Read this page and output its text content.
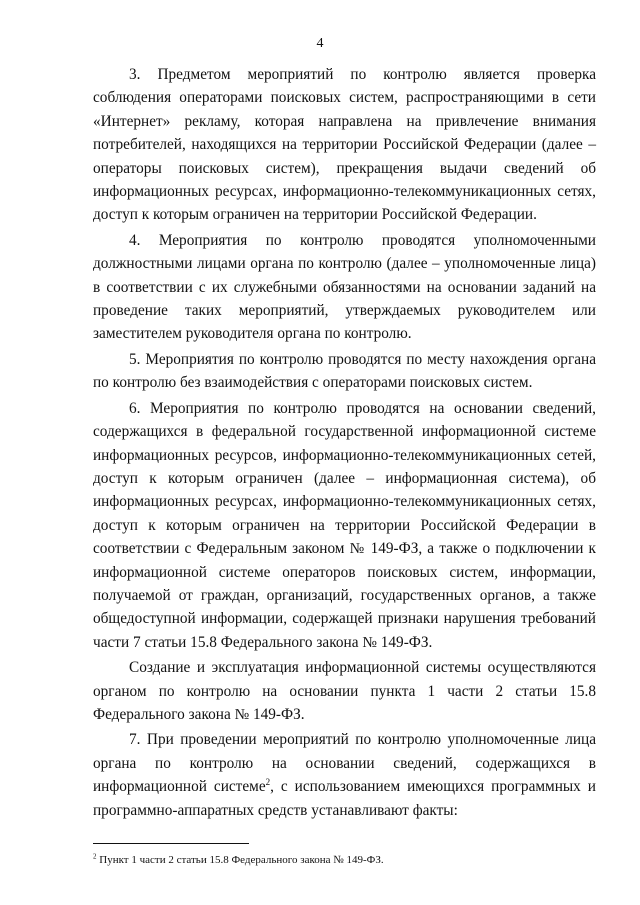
4

3. Предметом мероприятий по контролю является проверка соблюдения операторами поисковых систем, распространяющими в сети «Интернет» рекламу, которая направлена на привлечение внимания потребителей, находящихся на территории Российской Федерации (далее – операторы поисковых систем), прекращения выдачи сведений об информационных ресурсах, информационно-телекоммуникационных сетях, доступ к которым ограничен на территории Российской Федерации.

4. Мероприятия по контролю проводятся уполномоченными должностными лицами органа по контролю (далее – уполномоченные лица) в соответствии с их служебными обязанностями на основании заданий на проведение таких мероприятий, утверждаемых руководителем или заместителем руководителя органа по контролю.

5. Мероприятия по контролю проводятся по месту нахождения органа по контролю без взаимодействия с операторами поисковых систем.

6. Мероприятия по контролю проводятся на основании сведений, содержащихся в федеральной государственной информационной системе информационных ресурсов, информационно-телекоммуникационных сетей, доступ к которым ограничен (далее – информационная система), об информационных ресурсах, информационно-телекоммуникационных сетях, доступ к которым ограничен на территории Российской Федерации в соответствии с Федеральным законом № 149-ФЗ, а также о подключении к информационной системе операторов поисковых систем, информации, получаемой от граждан, организаций, государственных органов, а также общедоступной информации, содержащей признаки нарушения требований части 7 статьи 15.8 Федерального закона № 149-ФЗ.

Создание и эксплуатация информационной системы осуществляются органом по контролю на основании пункта 1 части 2 статьи 15.8 Федерального закона № 149-ФЗ.

7. При проведении мероприятий по контролю уполномоченные лица органа по контролю на основании сведений, содержащихся в информационной системе$^2$, с использованием имеющихся программных и программно-аппаратных средств устанавливают факты:

$^2$ Пункт 1 части 2 статьи 15.8 Федерального закона № 149-ФЗ.
